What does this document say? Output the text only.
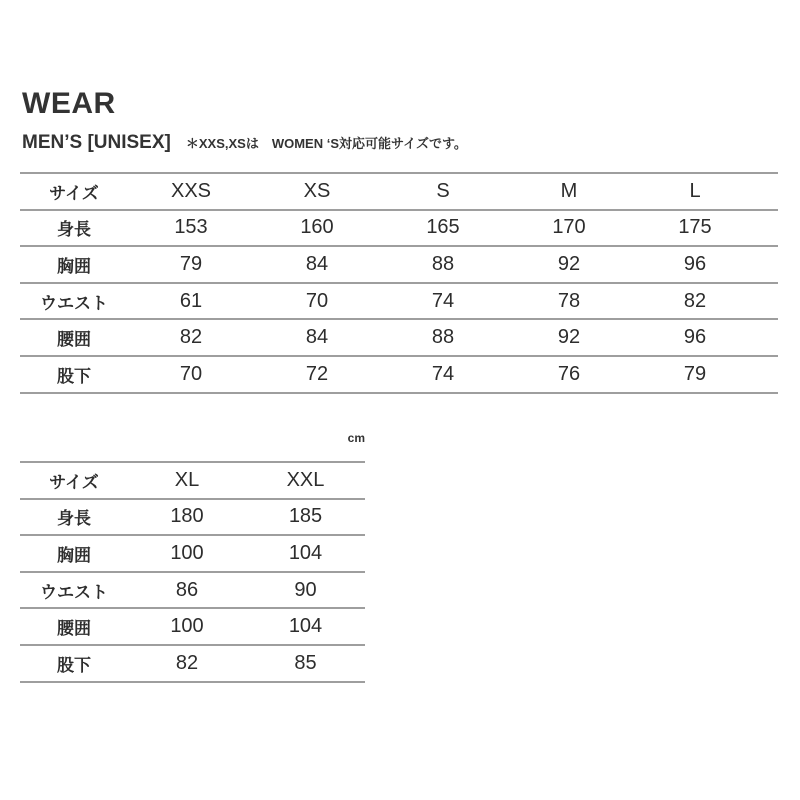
WEAR
MEN’S [UNISEX] ＊XXS,XSは　WOMEN ‘S対応可能サイズです。
サイズ	XXS	XS	S	M	L	
身長	153	160	165	170	175	
胸囲	79	84	88	92	96	
ウエスト	61	70	74	78	82	
腰囲	82	84	88	92	96	
股下	70	72	74	76	79	
cm
サイズ	XL	XXL
身長	180	185
胸囲	100	104
ウエスト	86	90
腰囲	100	104
股下	82	85
